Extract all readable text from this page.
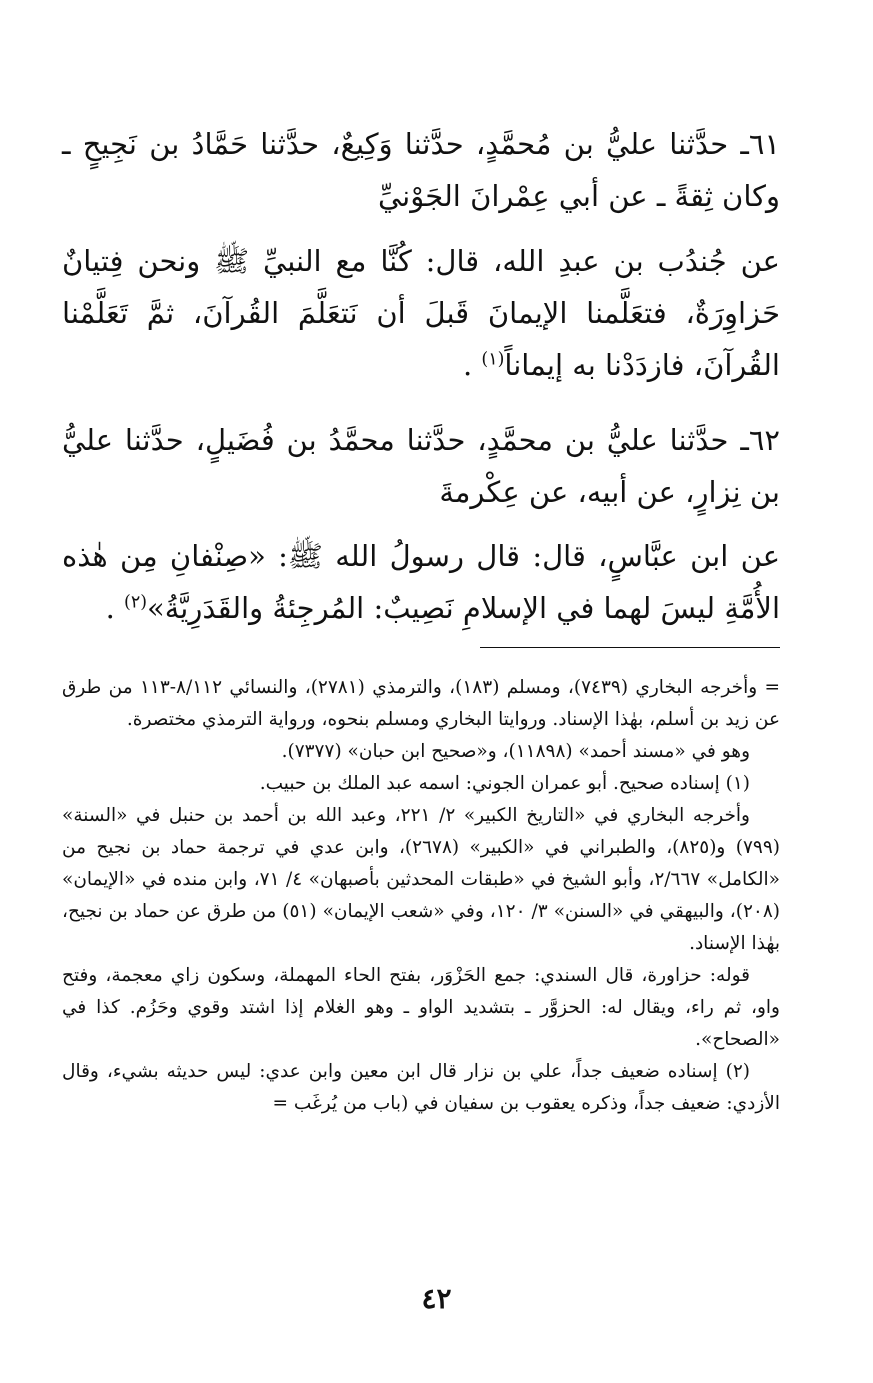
٦١ـ حدَّثنا عليُّ بن مُحمَّدٍ، حدَّثنا وَكِيعٌ، حدَّثنا حَمَّادُ بن نَجِيحٍ ـ وكان ثِقةً ـ عن أبي عِمْرانَ الجَوْنيِّ
عن جُندُب بن عبدِ الله، قال: كُنَّا مع النبيِّ ﷺ ونحن فِتيانٌ حَزاوِرَةٌ، فتعَلَّمنا الإيمانَ قَبلَ أن نَتعَلَّمَ القُرآنَ، ثمَّ تَعَلَّمْنا القُرآنَ، فازدَدْنا به إيماناً$^{(١)}$ .
٦٢ـ حدَّثنا عليُّ بن محمَّدٍ، حدَّثنا محمَّدُ بن فُضَيلٍ، حدَّثنا عليُّ بن نِزارٍ، عن أبيه، عن عِكْرمةَ
عن ابن عبَّاسٍ، قال: قال رسولُ الله ﷺ: «صِنْفانِ مِن هٰذه الأُمَّةِ ليسَ لهما في الإسلامِ نَصِيبٌ: المُرجِئةُ والقَدَرِيَّةُ»$^{(٢)}$ .

= وأخرجه البخاري (٧٤٣٩)، ومسلم (١٨٣)، والترمذي (٢٧٨١)، والنسائي ٨/١١٢-١١٣ من طرق عن زيد بن أسلم، بهٰذا الإسناد. وروايتا البخاري ومسلم بنحوه، ورواية الترمذي مختصرة.

وهو في «مسند أحمد» (١١٨٩٨)، و«صحيح ابن حبان» (٧٣٧٧).

(١) إسناده صحيح. أبو عمران الجوني: اسمه عبد الملك بن حبيب.

وأخرجه البخاري في «التاريخ الكبير» ٢/ ٢٢١، وعبد الله بن أحمد بن حنبل في «السنة» (٧٩٩) و(٨٢٥)، والطبراني في «الكبير» (٢٦٧٨)، وابن عدي في ترجمة حماد بن نجيح من «الكامل» ٢/٦٦٧، وأبو الشيخ في «طبقات المحدثين بأصبهان» ٤/ ٧١، وابن منده في «الإيمان» (٢٠٨)، والبيهقي في «السنن» ٣/ ١٢٠، وفي «شعب الإيمان» (٥١) من طرق عن حماد بن نجيح، بهٰذا الإسناد.

قوله: حزاورة، قال السندي: جمع الحَزْوَر، بفتح الحاء المهملة، وسكون زاي معجمة، وفتح واو، ثم راء، ويقال له: الحزوَّر ـ بتشديد الواو ـ وهو الغلام إذا اشتد وقوي وحَزُم. كذا في «الصحاح».

(٢) إسناده ضعيف جداً، علي بن نزار قال ابن معين وابن عدي: ليس حديثه بشيء، وقال الأزدي: ضعيف جداً، وذكره يعقوب بن سفيان في (باب من يُرغَب =

٤٢
